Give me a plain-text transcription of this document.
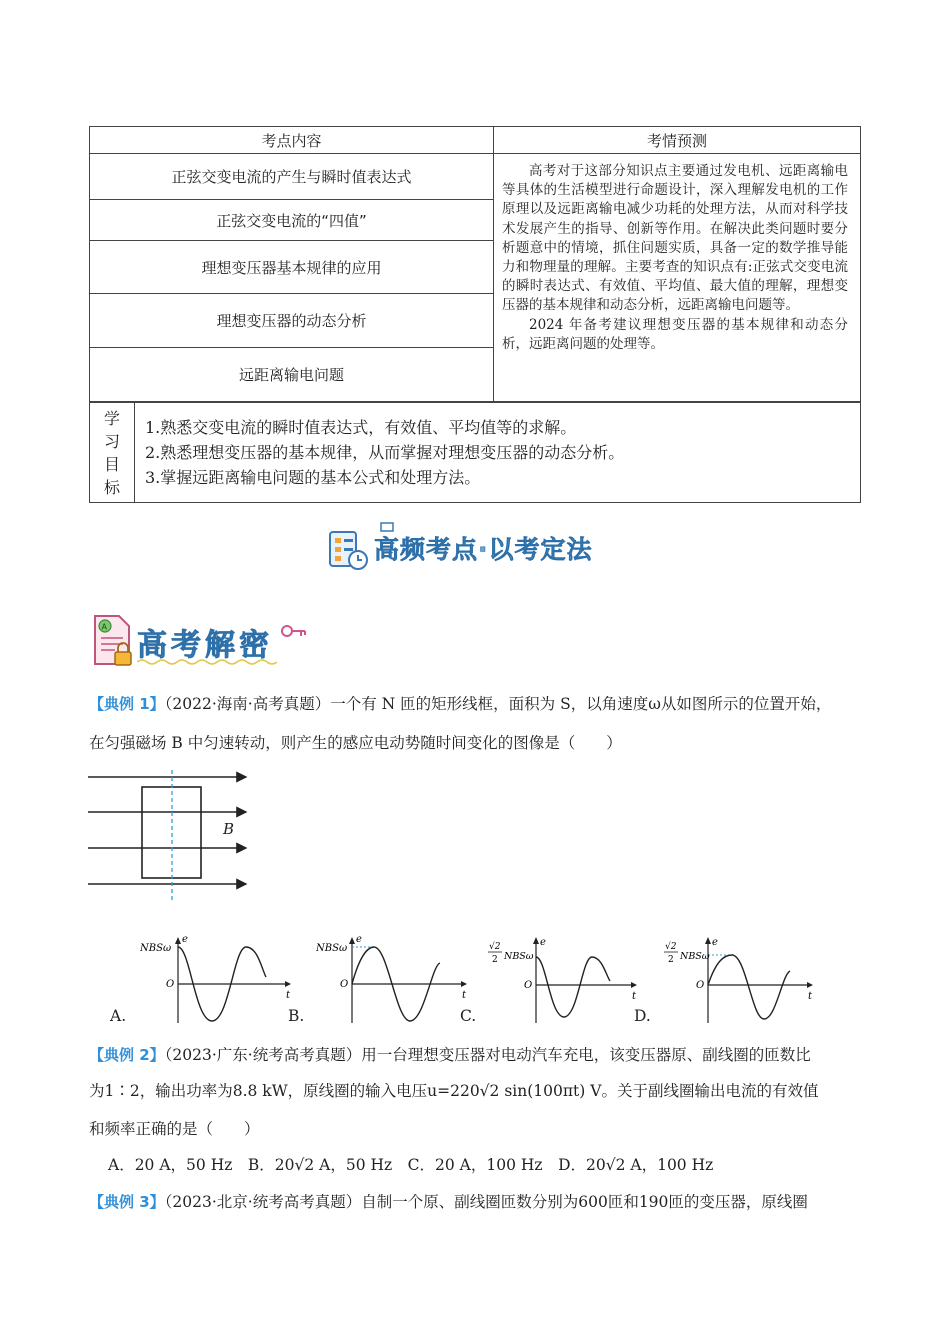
考点内容	考情预测
正弦交变电流的产生与瞬时值表达式	高考对于这部分知识点主要通过发电机、远距离输电等具体的生活模型进行命题设计，深入理解发电机的工作原理以及远距离输电减少功耗的处理方法，从而对科学技术发展产生的指导、创新等作用。在解决此类问题时要分析题意中的情境，抓住问题实质，具备一定的数学推导能力和物理量的理解。主要考查的知识点有:正弦式交变电流的瞬时表达式、有效值、平均值、最大值的理解，理想变压器的基本规律和动态分析，远距离输电问题等。
2024 年备考建议理想变压器的基本规律和动态分析，远距离问题的处理等。

正弦交变电流的“四值”	
理想变压器基本规律的应用	
理想变压器的动态分析	
远距离输电问题	
学
习
目
标

1.熟悉交变电流的瞬时值表达式，有效值、平均值等的求解。
2.熟悉理想变压器的基本规律，从而掌握对理想变压器的动态分析。
3.掌握远距离输电问题的基本公式和处理方法。
高频考点·以考定法
A
高考解密
【典例 1】（2022·海南·高考真题）一个有 N 匝的矩形线框，面积为 S，以角速度ω从如图所示的位置开始，
在匀强磁场 B 中匀速转动，则产生的感应电动势随时间变化的图像是（　　）
B
NBSω
e
t
O
A.
NBSω
e
t
O
B.
√2
2 NBSω
e
t
O
C.
√2
2 NBSω
e
t
O
D.
【典例 2】（2023·广东·统考高考真题）用一台理想变压器对电动汽车充电，该变压器原、副线圈的匝数比
为1∶2，输出功率为8.8 kW，原线圈的输入电压u=220√2 sin(100πt) V。关于副线圈输出电流的有效值
和频率正确的是（　　）
A．20 A，50 Hz　B．20√2 A，50 Hz　C．20 A，100 Hz　D．20√2 A，100 Hz
【典例 3】（2023·北京·统考高考真题）自制一个原、副线圈匝数分别为600匝和190匝的变压器，原线圈
